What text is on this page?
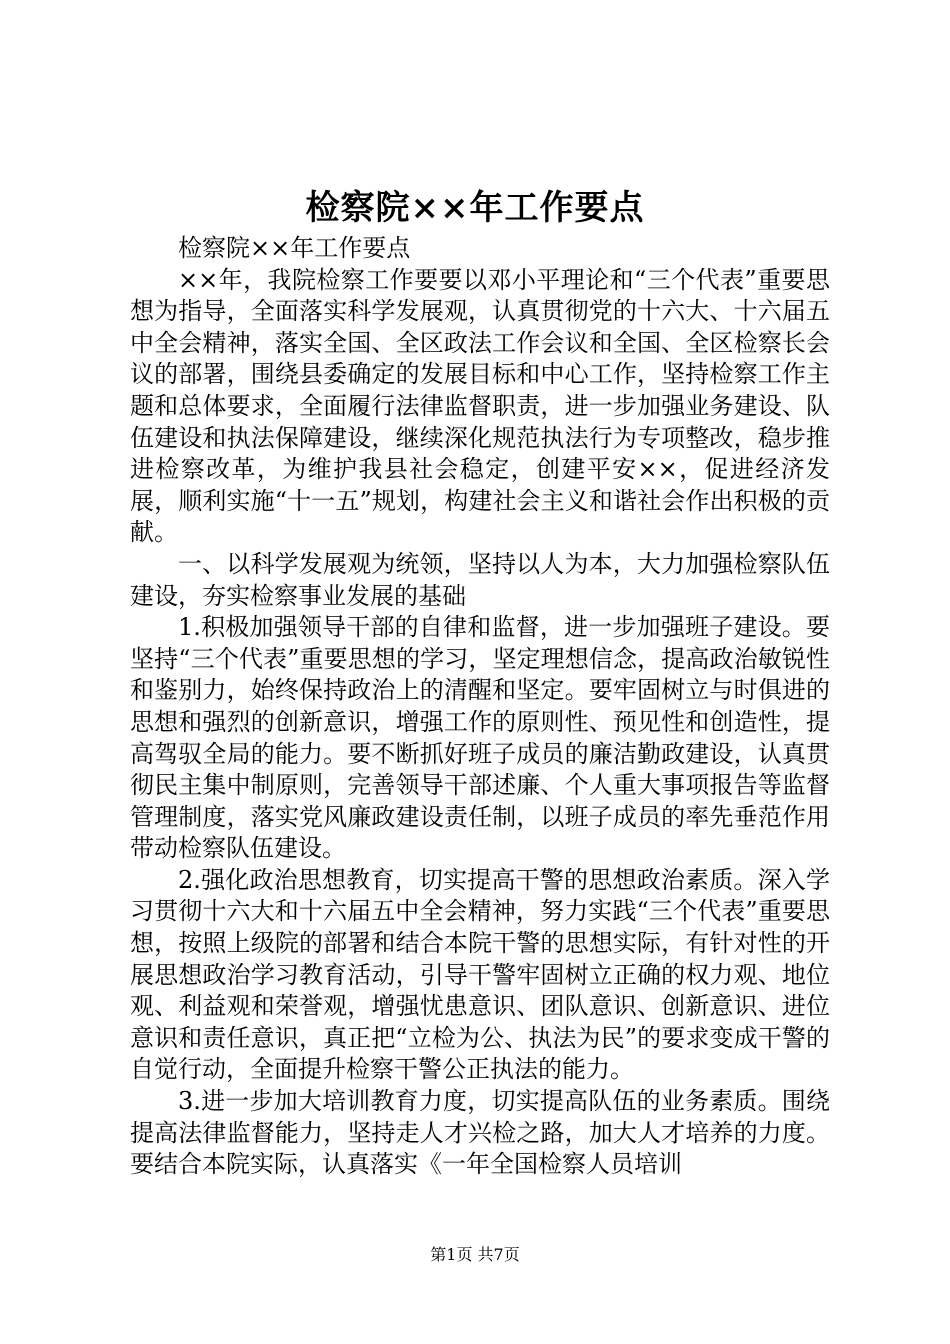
检察院××年工作要点

检察院××年工作要点

××年，我院检察工作要要以邓小平理论和“三个代表”重要思想为指导，全面落实科学发展观，认真贯彻党的十六大、十六届五中全会精神，落实全国、全区政法工作会议和全国、全区检察长会议的部署，围绕县委确定的发展目标和中心工作，坚持检察工作主题和总体要求，全面履行法律监督职责，进一步加强业务建设、队伍建设和执法保障建设，继续深化规范执法行为专项整改，稳步推进检察改革，为维护我县社会稳定，创建平安××，促进经济发展，顺利实施“十一五”规划，构建社会主义和谐社会作出积极的贡献。

一、以科学发展观为统领，坚持以人为本，大力加强检察队伍建设，夯实检察事业发展的基础

1.积极加强领导干部的自律和监督，进一步加强班子建设。要坚持“三个代表”重要思想的学习，坚定理想信念，提高政治敏锐性和鉴别力，始终保持政治上的清醒和坚定。要牢固树立与时俱进的思想和强烈的创新意识，增强工作的原则性、预见性和创造性，提高驾驭全局的能力。要不断抓好班子成员的廉洁勤政建设，认真贯彻民主集中制原则，完善领导干部述廉、个人重大事项报告等监督管理制度，落实党风廉政建设责任制，以班子成员的率先垂范作用带动检察队伍建设。

2.强化政治思想教育，切实提高干警的思想政治素质。深入学习贯彻十六大和十六届五中全会精神，努力实践“三个代表”重要思想，按照上级院的部署和结合本院干警的思想实际，有针对性的开展思想政治学习教育活动，引导干警牢固树立正确的权力观、地位观、利益观和荣誉观，增强忧患意识、团队意识、创新意识、进位意识和责任意识，真正把“立检为公、执法为民”的要求变成干警的自觉行动，全面提升检察干警公正执法的能力。

3.进一步加大培训教育力度，切实提高队伍的业务素质。围绕提高法律监督能力，坚持走人才兴检之路，加大人才培养的力度。要结合本院实际，认真落实《一年全国检察人员培训

第1页 共7页
